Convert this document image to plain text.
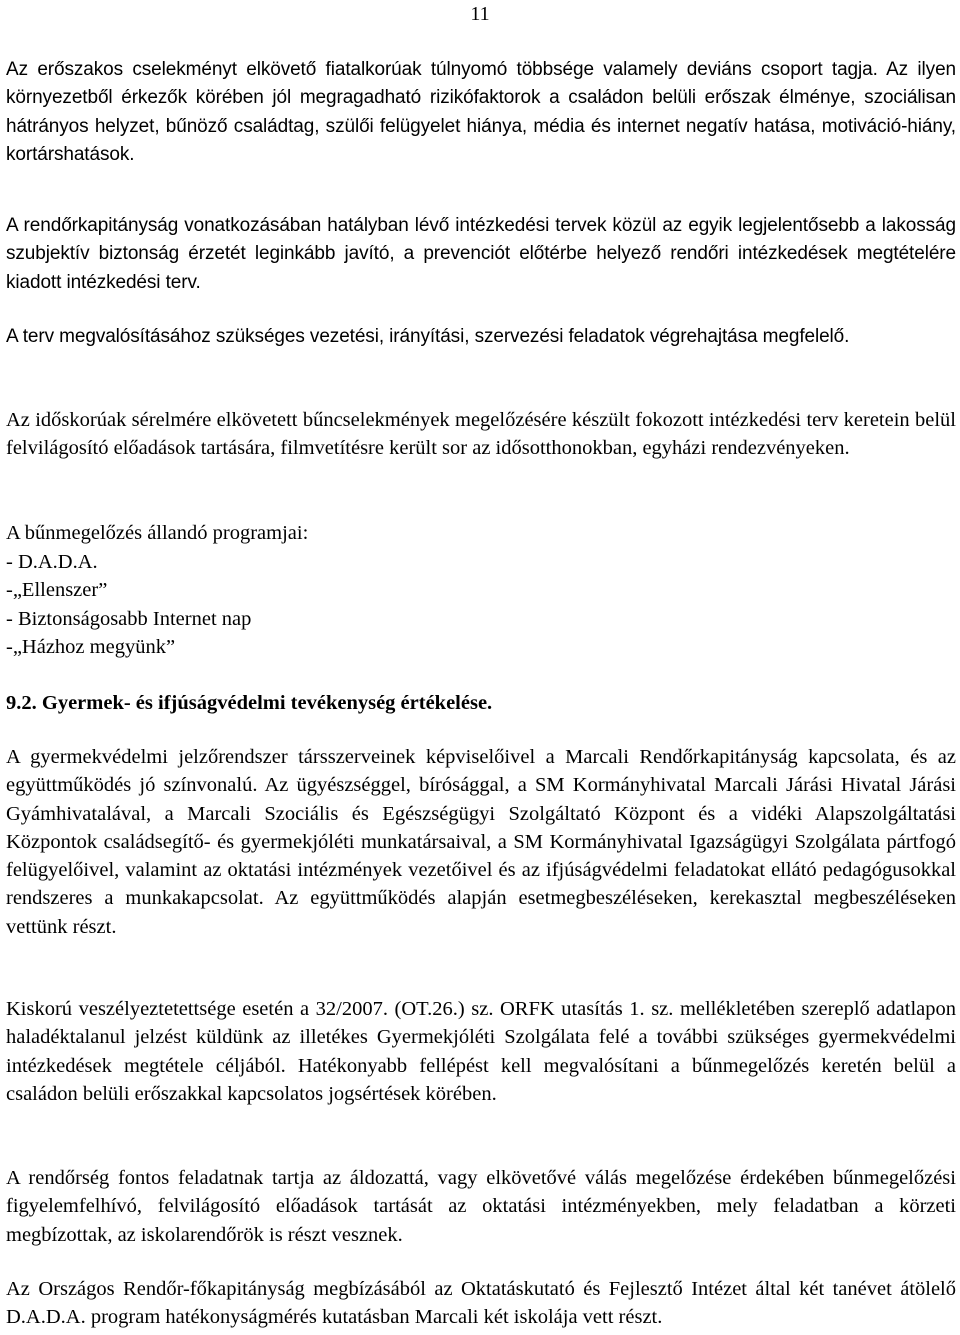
11

Az erőszakos cselekményt elkövető fiatalkorúak túlnyomó többsége valamely deviáns csoport tagja. Az ilyen környezetből érkezők körében jól megragadható rizikófaktorok a családon belüli erőszak élménye, szociálisan hátrányos helyzet, bűnöző családtag, szülői felügyelet hiánya, média és internet negatív hatása, motiváció-hiány, kortárshatások.

A rendőrkapitányság vonatkozásában hatályban lévő intézkedési tervek közül az egyik legjelentősebb a lakosság szubjektív biztonság érzetét leginkább javító, a prevenciót előtérbe helyező rendőri intézkedések megtételére kiadott intézkedési terv.

A terv megvalósításához szükséges vezetési, irányítási, szervezési feladatok végrehajtása megfelelő.

Az időskorúak sérelmére elkövetett bűncselekmények megelőzésére készült fokozott intézkedési terv keretein belül felvilágosító előadások tartására, filmvetítésre került sor az idősotthonokban, egyházi rendezvényeken.

A bűnmegelőzés állandó programjai:
- D.A.D.A.
-„Ellenszer”
- Biztonságosabb Internet nap
-„Házhoz megyünk”
9.2. Gyermek- és ifjúságvédelmi tevékenység értékelése.

A gyermekvédelmi jelzőrendszer társszerveinek képviselőivel a Marcali Rendőrkapitányság kapcsolata, és az együttműködés jó színvonalú. Az ügyészséggel, bírósággal, a SM Kormányhivatal Marcali Járási Hivatal Járási Gyámhivatalával, a Marcali Szociális és Egészségügyi Szolgáltató Központ és a vidéki Alapszolgáltatási Központok családsegítő- és gyermekjóléti munkatársaival, a SM Kormányhivatal Igazságügyi Szolgálata pártfogó felügyelőivel, valamint az oktatási intézmények vezetőivel és az ifjúságvédelmi feladatokat ellátó pedagógusokkal rendszeres a munkakapcsolat. Az együttműködés alapján esetmegbeszéléseken, kerekasztal megbeszéléseken vettünk részt.

Kiskorú veszélyeztetettsége esetén a 32/2007. (OT.26.) sz. ORFK utasítás 1. sz. mellékletében szereplő adatlapon haladéktalanul jelzést küldünk az illetékes Gyermekjóléti Szolgálata felé a további szükséges gyermekvédelmi intézkedések megtétele céljából. Hatékonyabb fellépést kell megvalósítani a bűnmegelőzés keretén belül a családon belüli erőszakkal kapcsolatos jogsértések körében.

A rendőrség fontos feladatnak tartja az áldozattá, vagy elkövetővé válás megelőzése érdekében bűnmegelőzési figyelemfelhívó, felvilágosító előadások tartását az oktatási intézményekben, mely feladatban a körzeti megbízottak, az iskolarendőrök is részt vesznek.

Az Országos Rendőr-főkapitányság megbízásából az Oktatáskutató és Fejlesztő Intézet által két tanévet átölelő D.A.D.A. program hatékonyságmérés kutatásban Marcali két iskolája vett részt.
